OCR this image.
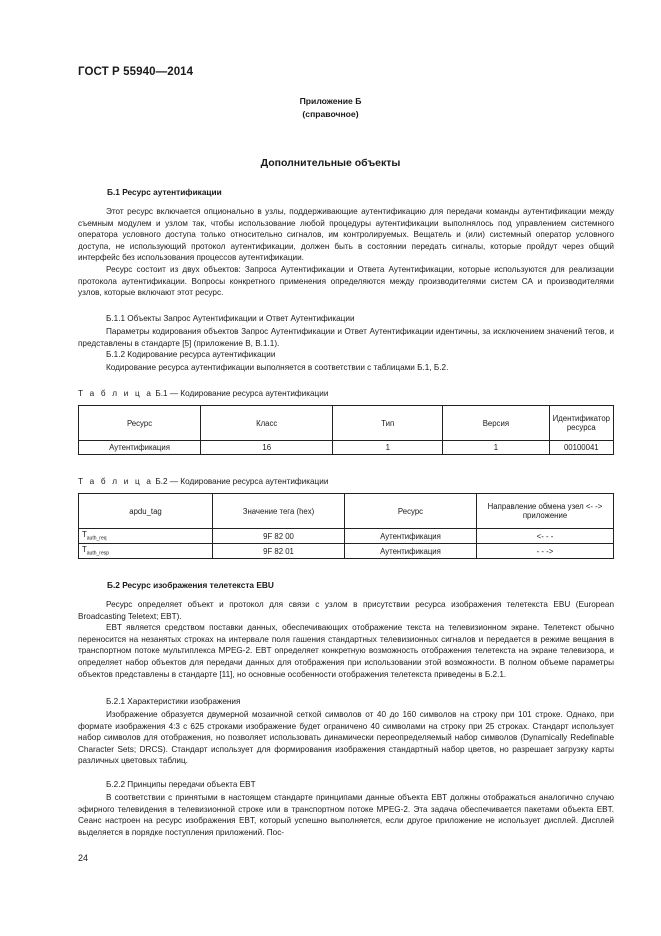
ГОСТ Р 55940—2014
Приложение Б
(справочное)
Дополнительные объекты
Б.1 Ресурс аутентификации

Этот ресурс включается опционально в узлы, поддерживающие аутентификацию для передачи команды аутентификации между съемным модулем и узлом так, чтобы использование любой процедуры аутентификации выполнялось под управлением системного оператора условного доступа только относительно сигналов, им контролируемых. Вещатель и (или) системный оператор условного доступа, не использующий протокол аутентификации, должен быть в состоянии передать сигналы, которые пройдут через общий интерфейс без использования процессов аутентификации.

Ресурс состоит из двух объектов: Запроса Аутентификации и Ответа Аутентификации, которые используются для реализации протокола аутентификации. Вопросы конкретного применения определяются между производителями систем СА и производителями узлов, которые включают этот ресурс.

Б.1.1 Объекты Запрос Аутентификации и Ответ Аутентификации

Параметры кодирования объектов Запрос Аутентификации и Ответ Аутентификации идентичны, за исключением значений тегов, и представлены в стандарте [5] (приложение B, B.1.1).

Б.1.2 Кодирование ресурса аутентификации

Кодирование ресурса аутентификации выполняется в соответствии с таблицами Б.1, Б.2.

Т а б л и ц а Б.1 — Кодирование ресурса аутентификации
Ресурс	Класс	Тип	Версия	Идентификатор ресурса
Аутентификация	16	1	1	00100041
Т а б л и ц а Б.2 — Кодирование ресурса аутентификации
apdu_tag	Значение тега (hex)	Ресурс	Направление обмена узел <- -> приложение
$T_{auth\_req}$	9F 82 00	Аутентификация	<- - -
$T_{auth\_resp}$	9F 82 01	Аутентификация	- - ->
Б.2 Ресурс изображения телетекста EBU

Ресурс определяет объект и протокол для связи с узлом в присутствии ресурса изображения телетекста EBU (European Broadcasting Teletext; EBT).

EBT является средством поставки данных, обеспечивающих отображение текста на телевизионном экране. Телетекст обычно переносится на незанятых строках на интервале поля гашения стандартных телевизионных сигналов и передается в режиме вещания в транспортном потоке мультиплекса MPEG-2. EBT определяет конкретную возможность отображения телетекста на экране телевизора, и определяет набор объектов для передачи данных для отображения при использовании этой возможности. В полном объеме параметры объектов представлены в стандарте [11], но основные особенности отображения телетекста приведены в Б.2.1.

Б.2.1 Характеристики изображения

Изображение образуется двумерной мозаичной сеткой символов от 40 до 160 символов на строку при 101 строке. Однако, при формате изображения 4:3 с 625 строками изображение будет ограничено 40 символами на строку при 25 строках. Стандарт использует набор символов для отображения, но позволяет использовать динамически переопределяемый набор символов (Dynamically Redefinable Character Sets; DRCS). Стандарт использует для формирования изображения стандартный набор цветов, но разрешает загрузку карты различных цветовых таблиц.

Б.2.2 Принципы передачи объекта EBT

В соответствии с принятыми в настоящем стандарте принципами данные объекта EBT должны отображаться аналогично случаю эфирного телевидения в телевизионной строке или в транспортном потоке MPEG-2. Эта задача обеспечивается пакетами объекта EBT. Сеанс настроен на ресурс изображения EBT, который успешно выполняется, если другое приложение не использует дисплей. Дисплей выделяется в порядке поступления приложений. Пос-

24
